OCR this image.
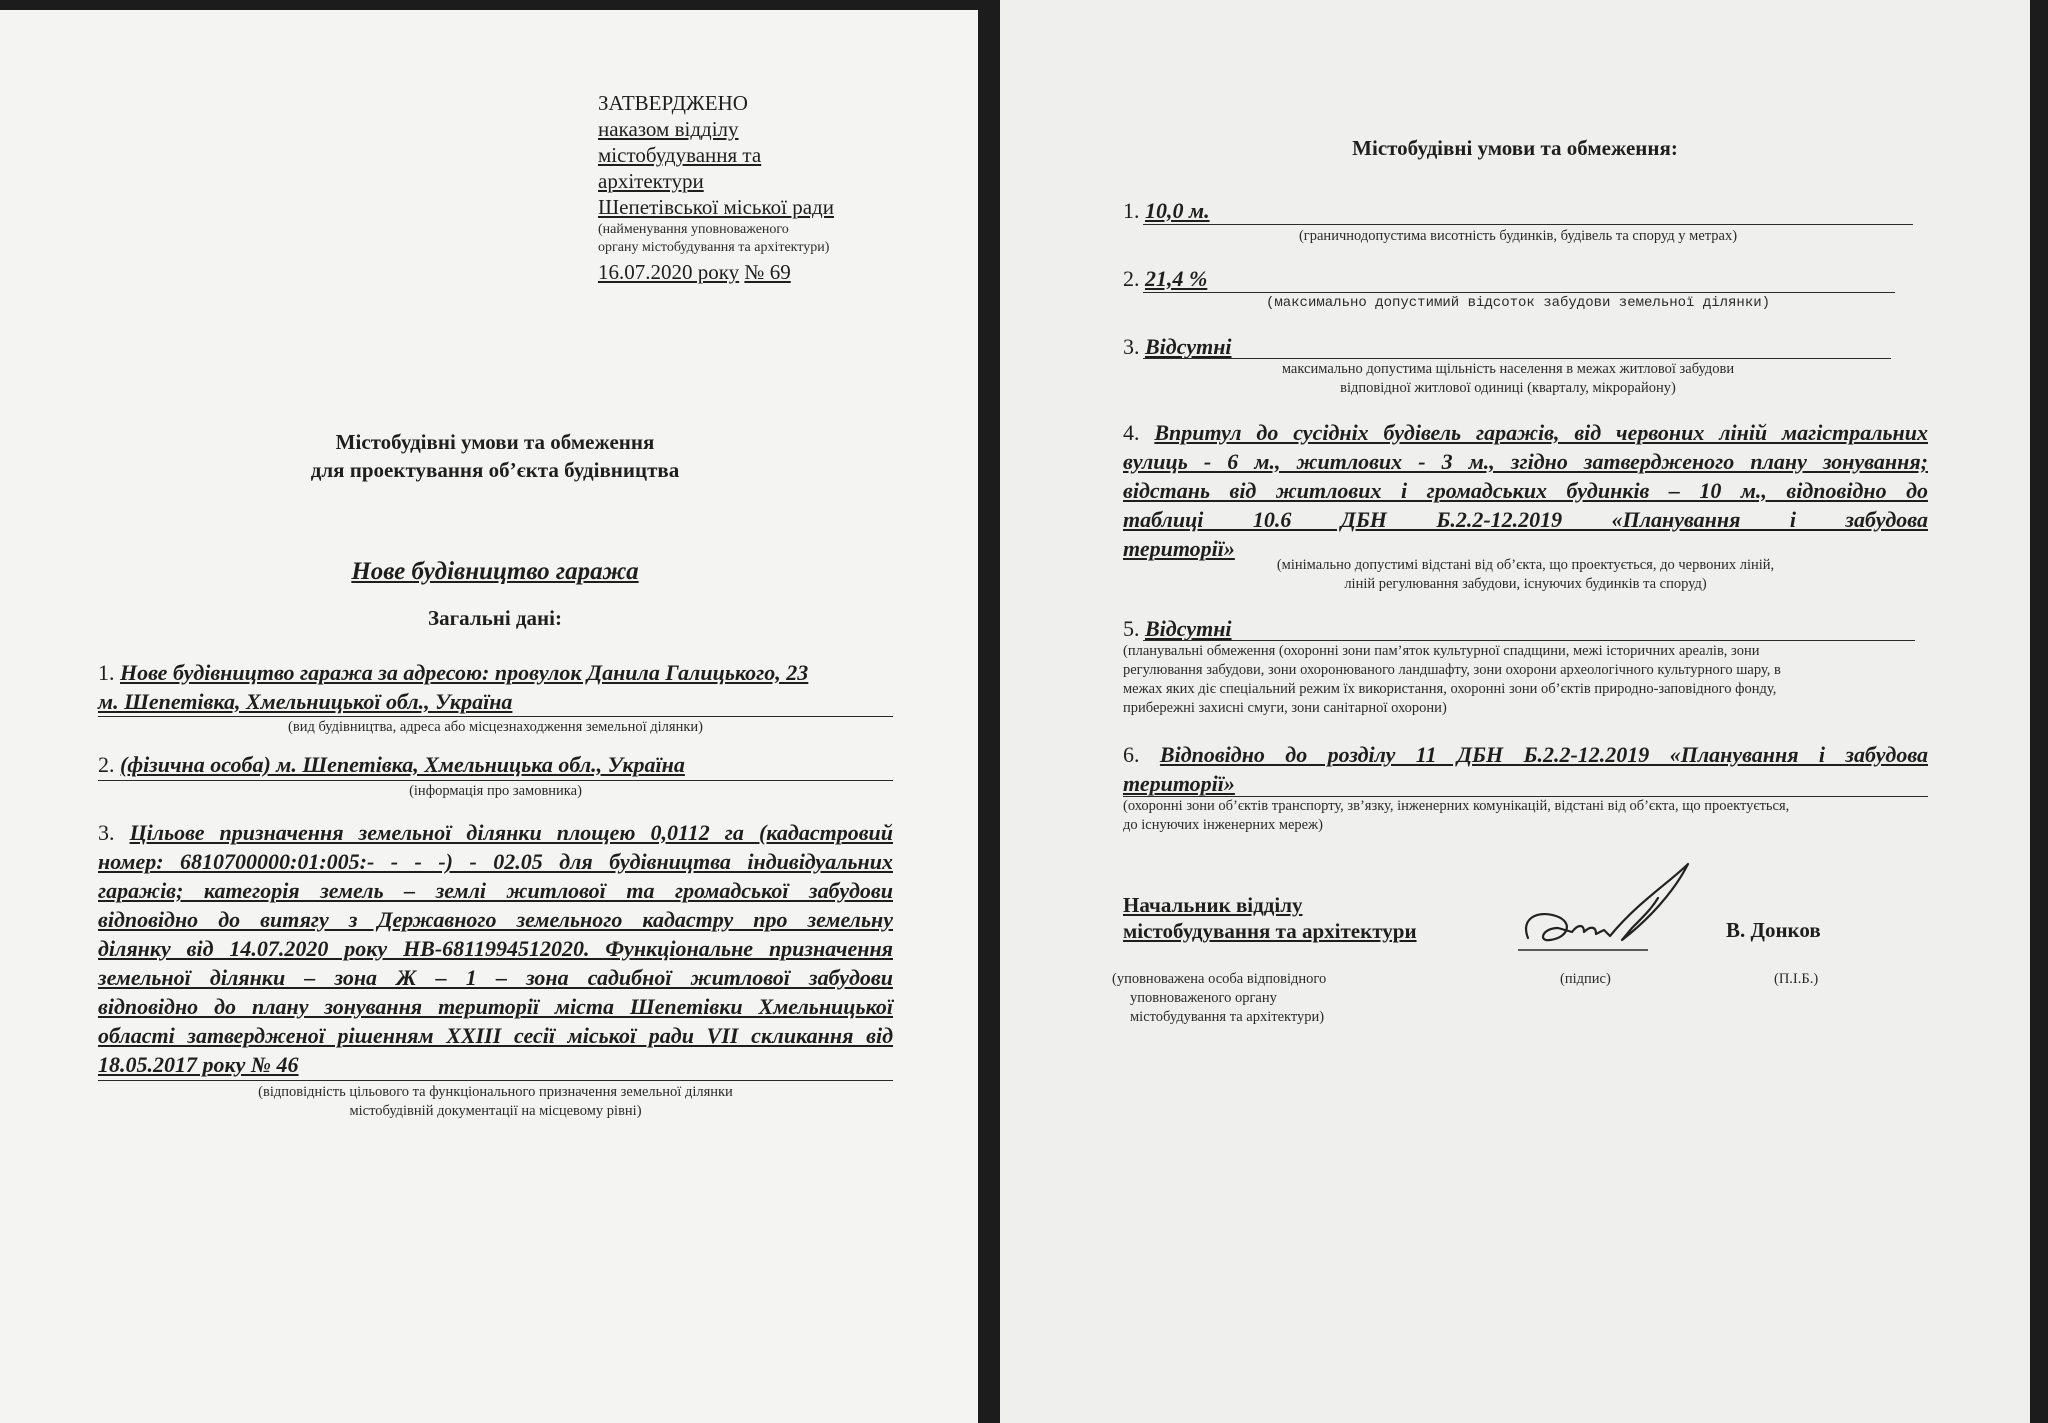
ЗАТВЕРДЖЕНО
наказом відділу
містобудування та
архітектури
Шепетівської міської ради
(найменування уповноваженого
органу містобудування та архітектури)
16.07.2020 року № 69
Містобудівні умови та обмеження
для проектування об’єкта будівництва
Нове будівництво гаража
Загальні дані:
1. Нове будівництво гаража за адресою: провулок Данила Галицького, 23
м. Шепетівка, Хмельницької обл., Україна
(вид будівництва, адреса або місцезнаходження земельної ділянки)
2. (фізична особа) м. Шепетівка, Хмельницька обл., Україна
(інформація про замовника)
3. Цільове призначення земельної ділянки площею 0,0112 га (кадастровий
номер: 6810700000:01:005:- - - -) - 02.05 для будівництва індивідуальних
гаражів; категорія земель – землі житлової та громадської забудови
відповідно до витягу з Державного земельного кадастру про земельну
ділянку від 14.07.2020 року НВ-6811994512020. Функціональне призначення
земельної ділянки – зона Ж – 1 – зона садибної житлової забудови
відповідно до плану зонування території міста Шепетівки Хмельницької
області затвердженої рішенням XXIII сесії міської ради VII скликання від
18.05.2017 року № 46
(відповідність цільового та функціонального призначення земельної ділянки
містобудівній документації на місцевому рівні)
Містобудівні умови та обмеження:
1. 10,0 м.
(граничнодопустима висотність будинків, будівель та споруд у метрах)
2. 21,4 %
(максимально допустимий відсоток забудови земельної ділянки)
3. Відсутні
максимально допустима щільність населення в межах житлової забудови
відповідної житлової одиниці (кварталу, мікрорайону)
4. Впритул до сусідніх будівель гаражів, від червоних ліній магістральних
вулиць - 6 м., житлових - 3 м., згідно затвердженого плану зонування;
відстань від житлових і громадських будинків – 10 м., відповідно до
таблиці 10.6 ДБН Б.2.2-12.2019 «Планування і забудова
території»
(мінімально допустимі відстані від об’єкта, що проектується, до червоних ліній,
ліній регулювання забудови, існуючих будинків та споруд)
5. Відсутні
(планувальні обмеження (охоронні зони пам’яток культурної спадщини, межі історичних ареалів, зони
регулювання забудови, зони охоронюваного ландшафту, зони охорони археологічного культурного шару, в
межах яких діє спеціальний режим їх використання, охоронні зони об’єктів природно-заповідного фонду,
прибережні захисні смуги, зони санітарної охорони)
6. Відповідно до розділу 11 ДБН Б.2.2-12.2019 «Планування і забудова
території»
(охоронні зони об’єктів транспорту, зв’язку, інженерних комунікацій, відстані від об’єкта, що проектується,
до існуючих інженерних мереж)
Начальник відділу
містобудування та архітектури	В. Донков
(уповноважена особа відповідного
уповноваженого органу
містобудування та архітектури)
(підпис)	(П.І.Б.)
